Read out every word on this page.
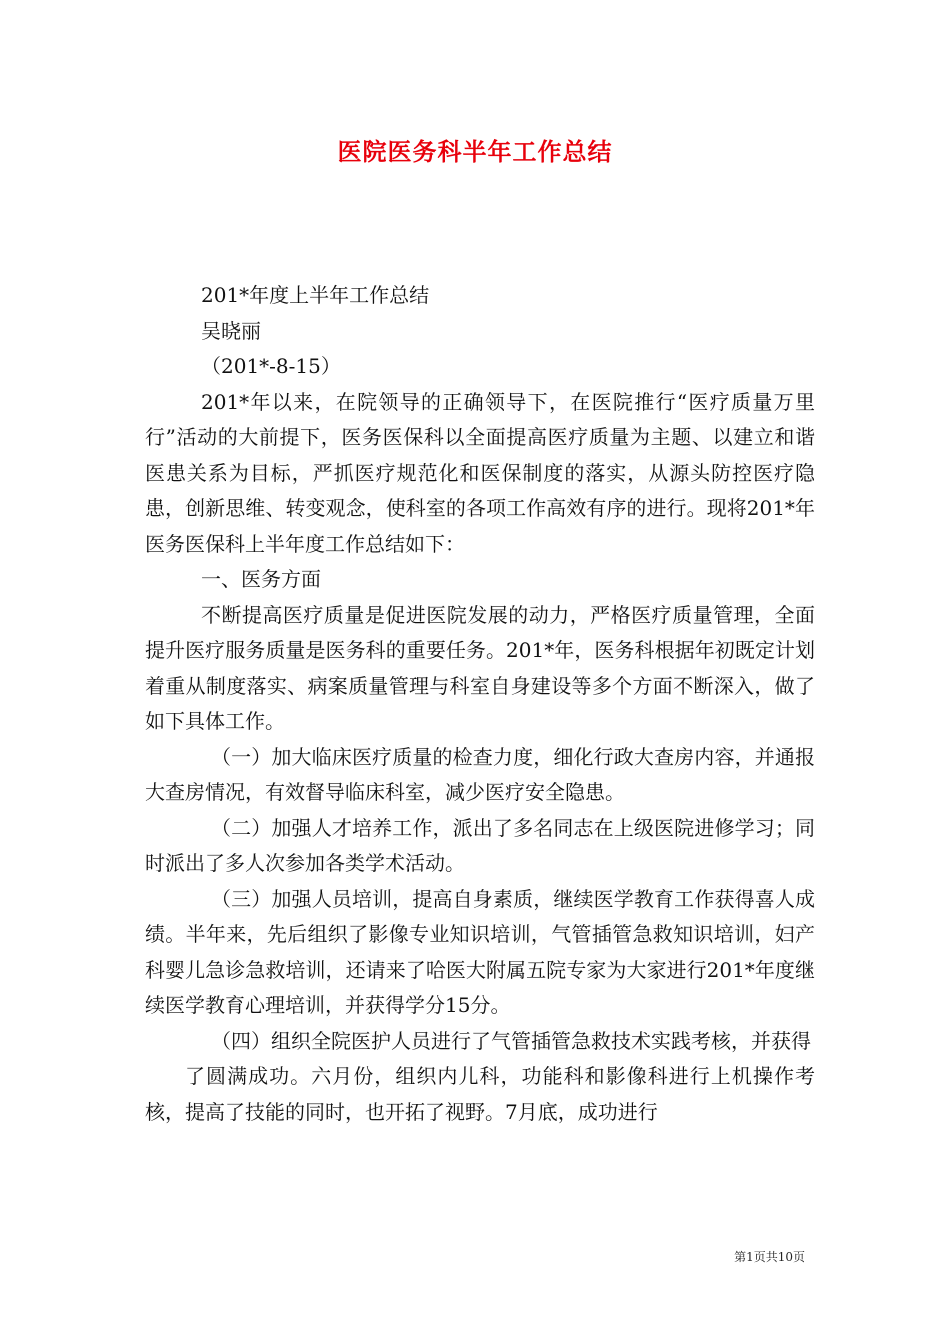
医院医务科半年工作总结

201*年度上半年工作总结

吴晓丽

（201*-8-15）

201*年以来，在院领导的正确领导下，在医院推行“医疗质量万里行”活动的大前提下，医务医保科以全面提高医疗质量为主题、以建立和谐医患关系为目标，严抓医疗规范化和医保制度的落实，从源头防控医疗隐患，创新思维、转变观念，使科室的各项工作高效有序的进行。现将201*年医务医保科上半年度工作总结如下：

一、医务方面

不断提高医疗质量是促进医院发展的动力，严格医疗质量管理，全面提升医疗服务质量是医务科的重要任务。201*年，医务科根据年初既定计划着重从制度落实、病案质量管理与科室自身建设等多个方面不断深入，做了如下具体工作。

（一）加大临床医疗质量的检查力度，细化行政大查房内容，并通报大查房情况，有效督导临床科室，减少医疗安全隐患。

（二）加强人才培养工作，派出了多名同志在上级医院进修学习；同时派出了多人次参加各类学术活动。

（三）加强人员培训，提高自身素质，继续医学教育工作获得喜人成绩。半年来，先后组织了影像专业知识培训，气管插管急救知识培训，妇产科婴儿急诊急救培训，还请来了哈医大附属五院专家为大家进行201*年度继续医学教育心理培训，并获得学分15分。

（四）组织全院医护人员进行了气管插管急救技术实践考核，并获得

了圆满成功。六月份，组织内儿科，功能科和影像科进行上机操作考核，提高了技能的同时，也开拓了视野。7月底，成功进行

第1页共10页
